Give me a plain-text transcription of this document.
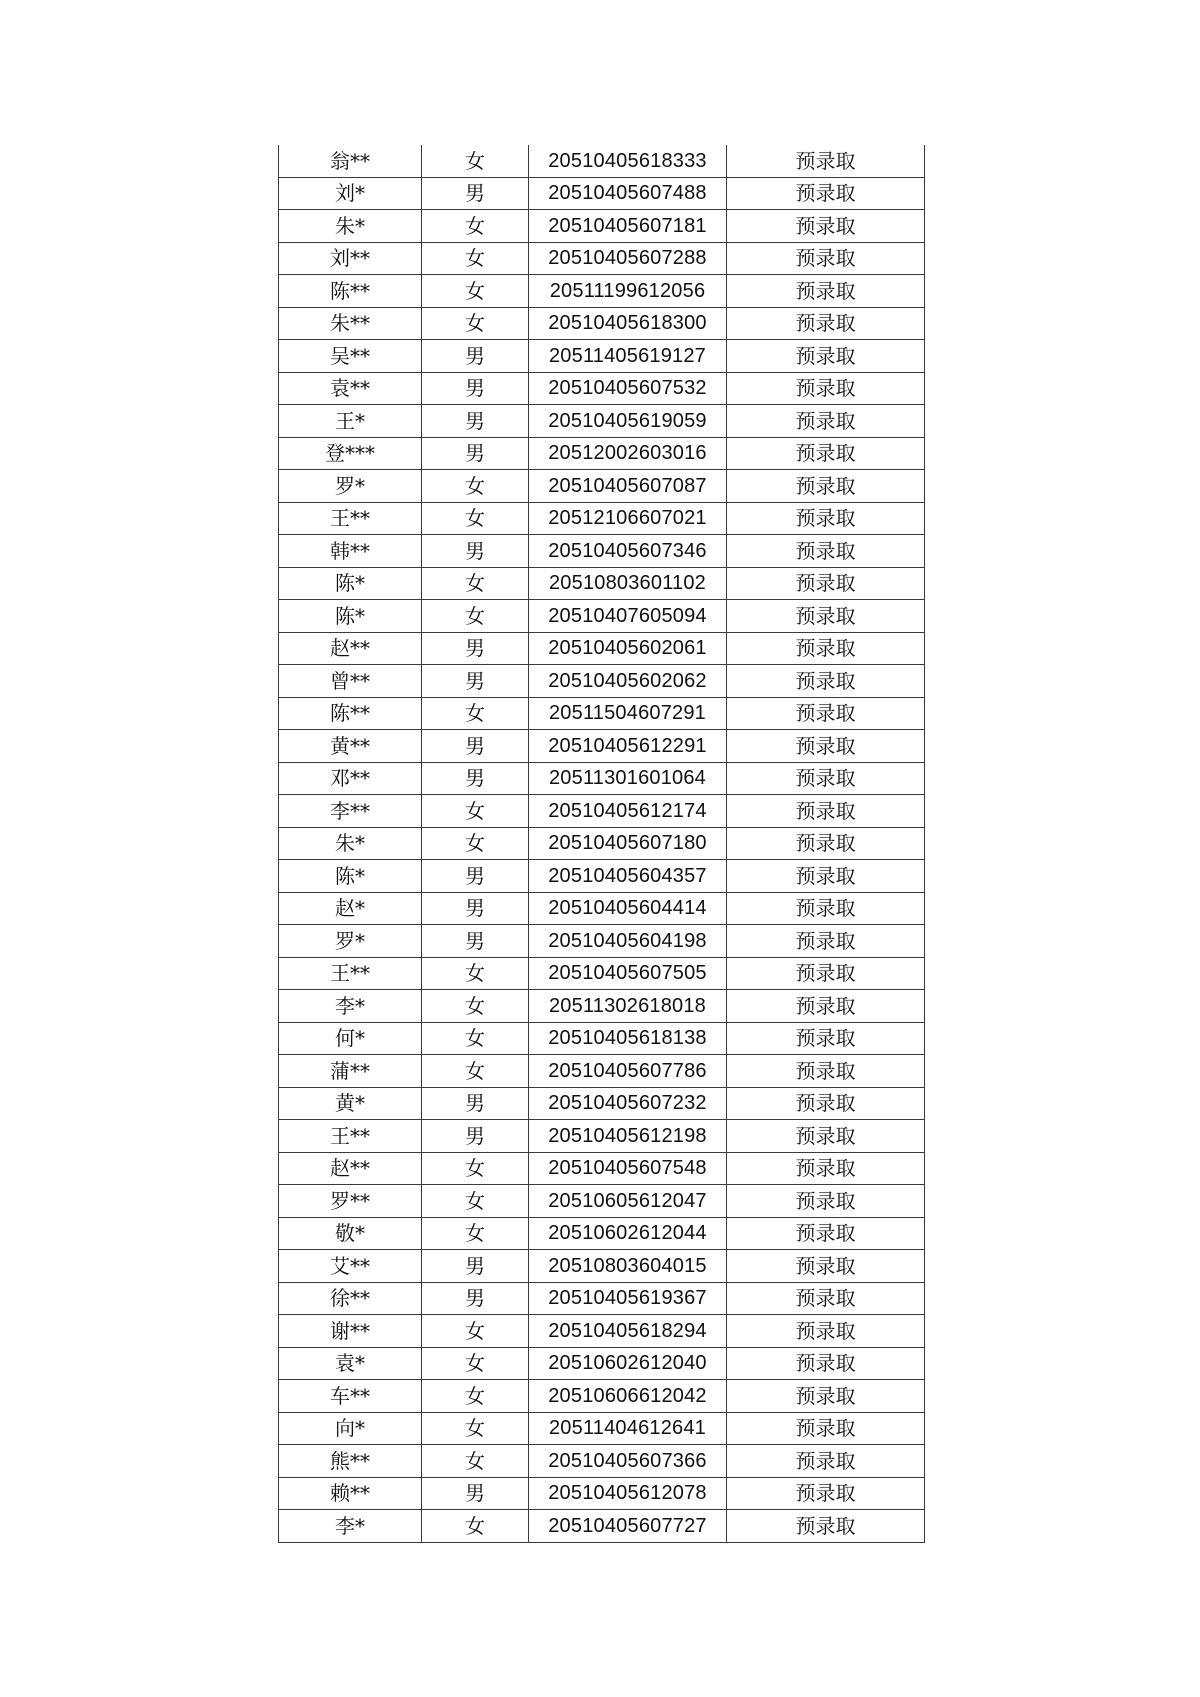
翁**	女	20510405618333	预录取
刘*	男	20510405607488	预录取
朱*	女	20510405607181	预录取
刘**	女	20510405607288	预录取
陈**	女	20511199612056	预录取
朱**	女	20510405618300	预录取
吴**	男	20511405619127	预录取
袁**	男	20510405607532	预录取
王*	男	20510405619059	预录取
登***	男	20512002603016	预录取
罗*	女	20510405607087	预录取
王**	女	20512106607021	预录取
韩**	男	20510405607346	预录取
陈*	女	20510803601102	预录取
陈*	女	20510407605094	预录取
赵**	男	20510405602061	预录取
曾**	男	20510405602062	预录取
陈**	女	20511504607291	预录取
黄**	男	20510405612291	预录取
邓**	男	20511301601064	预录取
李**	女	20510405612174	预录取
朱*	女	20510405607180	预录取
陈*	男	20510405604357	预录取
赵*	男	20510405604414	预录取
罗*	男	20510405604198	预录取
王**	女	20510405607505	预录取
李*	女	20511302618018	预录取
何*	女	20510405618138	预录取
蒲**	女	20510405607786	预录取
黄*	男	20510405607232	预录取
王**	男	20510405612198	预录取
赵**	女	20510405607548	预录取
罗**	女	20510605612047	预录取
敬*	女	20510602612044	预录取
艾**	男	20510803604015	预录取
徐**	男	20510405619367	预录取
谢**	女	20510405618294	预录取
袁*	女	20510602612040	预录取
车**	女	20510606612042	预录取
向*	女	20511404612641	预录取
熊**	女	20510405607366	预录取
赖**	男	20510405612078	预录取
李*	女	20510405607727	预录取
